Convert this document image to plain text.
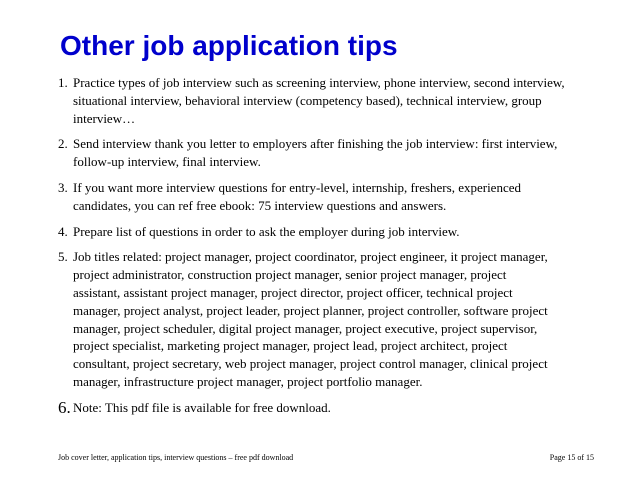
Other job application tips
1. Practice types of job interview such as screening interview, phone interview, second interview,
situational interview, behavioral interview (competency based), technical interview, group
interview…
2. Send interview thank you letter to employers after finishing the job interview: first interview,
follow-up interview, final interview.
3. If you want more interview questions for entry-level, internship, freshers, experienced
candidates, you can ref free ebook: 75 interview questions and answers.
4. Prepare list of questions in order to ask the employer during job interview.
5. Job titles related: project manager, project coordinator, project engineer, it project manager,
project administrator, construction project manager, senior project manager, project
assistant, assistant project manager, project director, project officer, technical project
manager, project analyst, project leader, project planner, project controller, software project
manager, project scheduler, digital project manager, project executive, project supervisor,
project specialist, marketing project manager, project lead, project architect, project
consultant, project secretary, web project manager, project control manager, clinical project
manager, infrastructure project manager, project portfolio manager.
6. Note: This pdf file is available for free download.
Job cover letter, application tips, interview questions – free pdf download	Page 15 of 15
